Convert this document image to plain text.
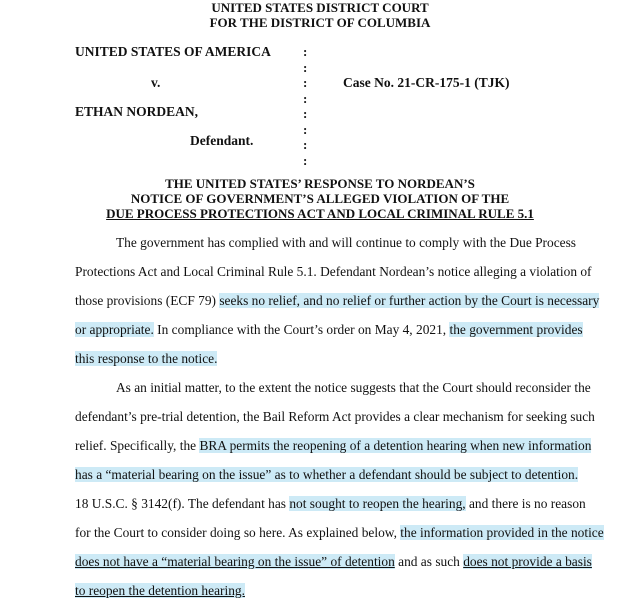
UNITED STATES DISTRICT COURT
FOR THE DISTRICT OF COLUMBIA
UNITED STATES OF AMERICA
v.
ETHAN NORDEAN,
Defendant.
Case No. 21-CR-175-1 (TJK)
:
:
:
:
:
:
:
:
THE UNITED STATES’ RESPONSE TO NORDEAN’S
NOTICE OF GOVERNMENT’S ALLEGED VIOLATION OF THE
DUE PROCESS PROTECTIONS ACT AND LOCAL CRIMINAL RULE 5.1
The government has complied with and will continue to comply with the Due Process
Protections Act and Local Criminal Rule 5.1. Defendant Nordean’s notice alleging a violation of
those provisions (ECF 79) seeks no relief, and no relief or further action by the Court is necessary
or appropriate. In compliance with the Court’s order on May 4, 2021, the government provides
this response to the notice.
As an initial matter, to the extent the notice suggests that the Court should reconsider the
defendant’s pre-trial detention, the Bail Reform Act provides a clear mechanism for seeking such
relief. Specifically, the BRA permits the reopening of a detention hearing when new information
has a “material bearing on the issue” as to whether a defendant should be subject to detention.
18 U.S.C. § 3142(f). The defendant has not sought to reopen the hearing, and there is no reason
for the Court to consider doing so here. As explained below, the information provided in the notice
does not have a “material bearing on the issue” of detention and as such does not provide a basis
to reopen the detention hearing.
